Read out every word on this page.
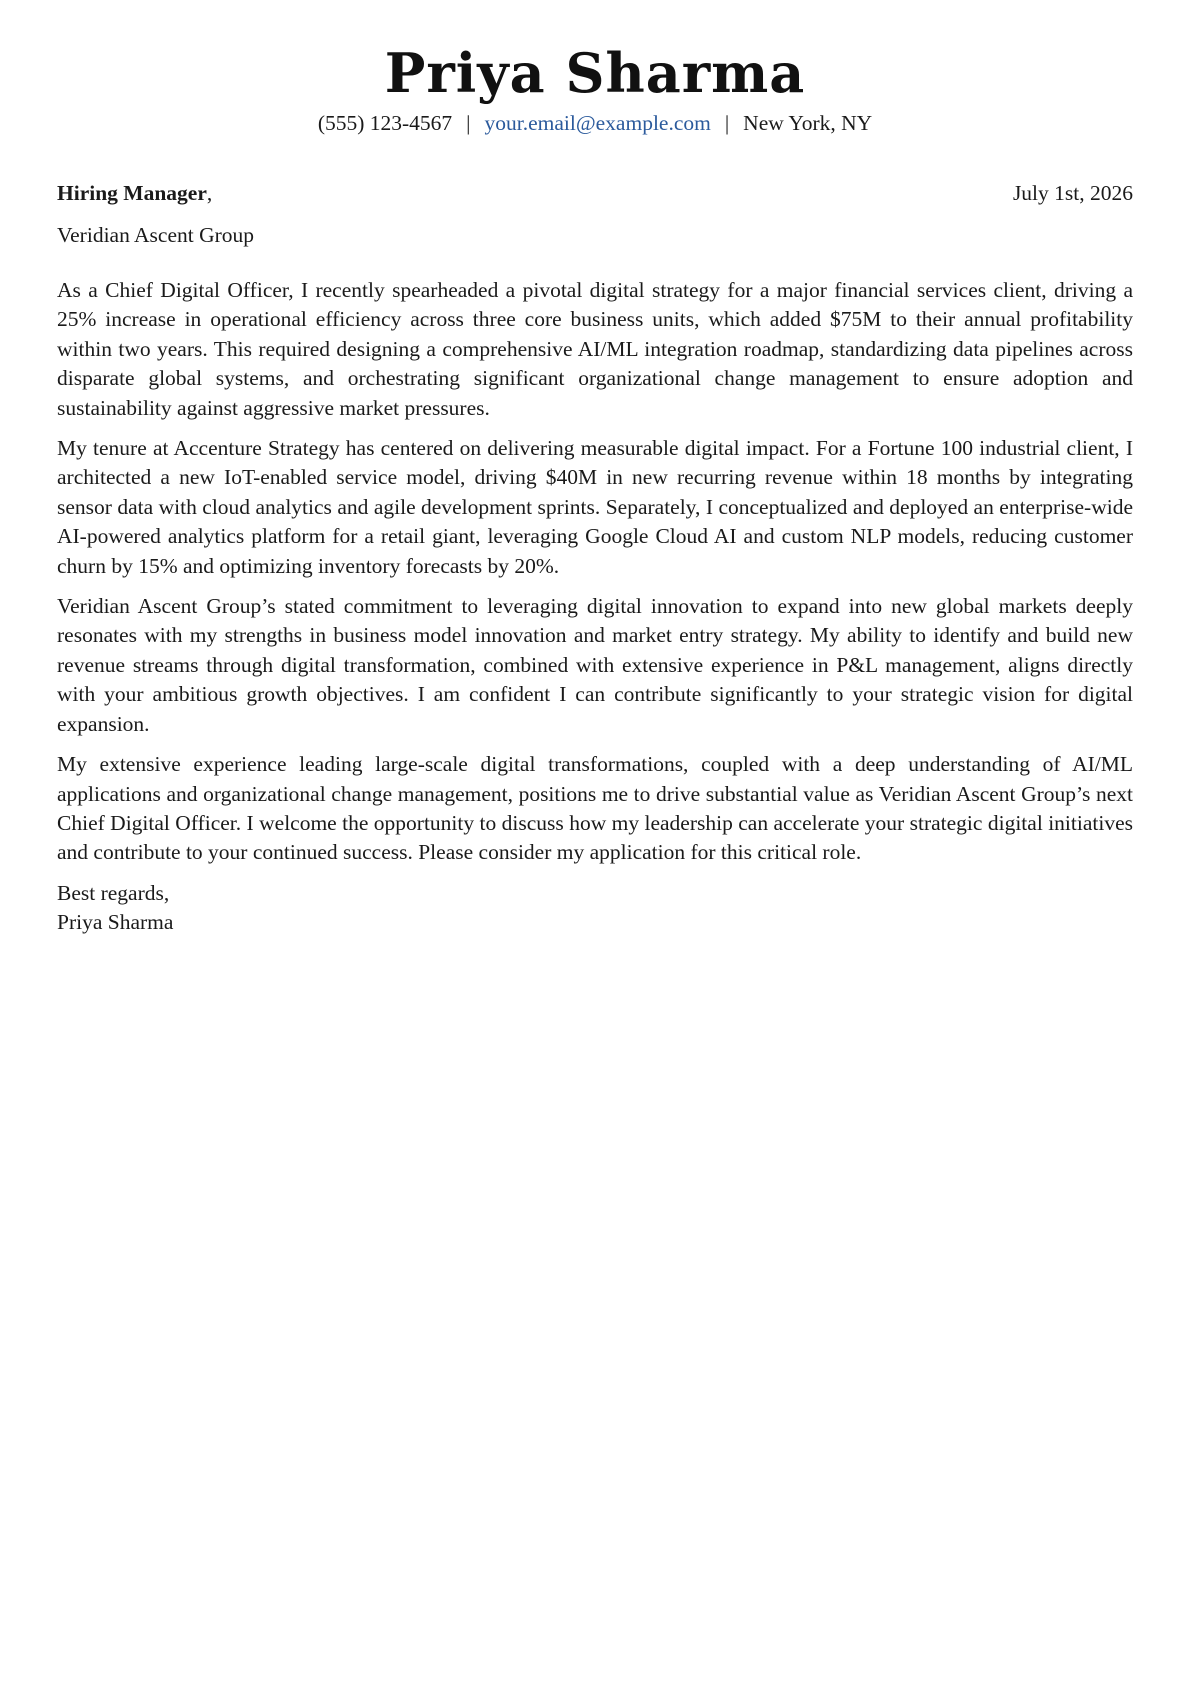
Priya Sharma
(555) 123-4567 | your.email@example.com | New York, NY
Hiring Manager,	July 1st, 2026
Veridian Ascent Group

As a Chief Digital Officer, I recently spearheaded a pivotal digital strategy for a major financial services client, driving a 25% increase in operational efficiency across three core business units, which added $75M to their annual profitability within two years. This required designing a comprehensive AI/ML integration roadmap, standardizing data pipelines across disparate global systems, and orchestrating significant organizational change management to ensure adoption and sustainability against aggressive market pressures.

My tenure at Accenture Strategy has centered on delivering measurable digital impact. For a Fortune 100 industrial client, I architected a new IoT-enabled service model, driving $40M in new recurring revenue within 18 months by integrating sensor data with cloud analytics and agile development sprints. Separately, I conceptualized and deployed an enterprise-wide AI-powered analytics platform for a retail giant, leveraging Google Cloud AI and custom NLP models, reducing customer churn by 15% and optimizing inventory forecasts by 20%.

Veridian Ascent Group’s stated commitment to leveraging digital innovation to expand into new global markets deeply resonates with my strengths in business model innovation and market entry strategy. My ability to identify and build new revenue streams through digital transformation, combined with extensive experience in P&L management, aligns directly with your ambitious growth objectives. I am confident I can contribute significantly to your strategic vision for digital expansion.

My extensive experience leading large-scale digital transformations, coupled with a deep understanding of AI/ML applications and organizational change management, positions me to drive substantial value as Veridian Ascent Group’s next Chief Digital Officer. I welcome the opportunity to discuss how my leadership can accelerate your strategic digital initiatives and contribute to your continued success. Please consider my application for this critical role.

Best regards,
Priya Sharma
